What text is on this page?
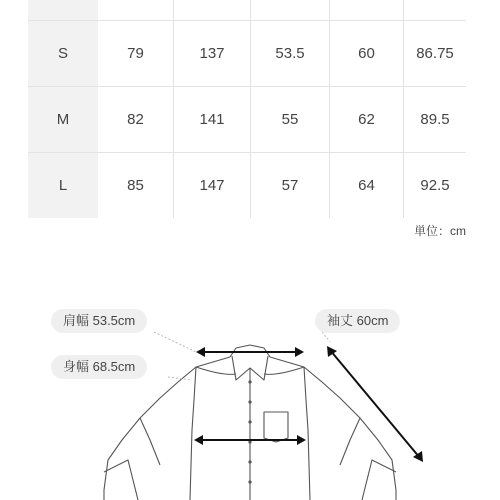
S	79	137	53.5	60	86.75
M	82	141	55	62	89.5
L	85	147	57	64	92.5
単位：cm
肩幅 53.5cm
身幅 68.5cm
袖丈 60cm
